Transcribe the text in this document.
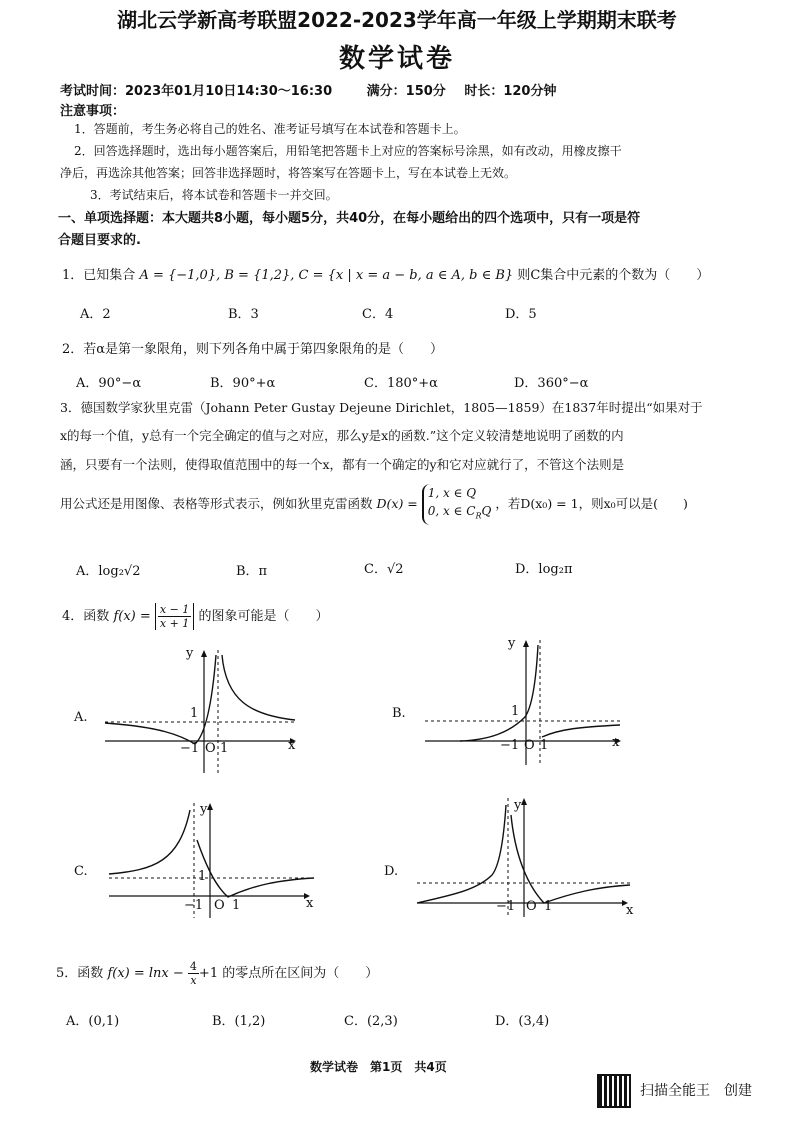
湖北云学新高考联盟2022-2023学年高一年级上学期期末联考
数学试卷
考试时间：2023年01月10日14:30～16:30	满分：150分 时长：120分钟
注意事项：
1．答题前，考生务必将自己的姓名、准考证号填写在本试卷和答题卡上。
2．回答选择题时，选出每小题答案后，用铅笔把答题卡上对应的答案标号涂黑，如有改动，用橡皮擦干
净后，再选涂其他答案；回答非选择题时，将答案写在答题卡上，写在本试卷上无效。
3．考试结束后，将本试卷和答题卡一并交回。
一、单项选择题：本大题共8小题，每小题5分，共40分，在每小题给出的四个选项中，只有一项是符
合题目要求的.
1．已知集合 A = {−1,0}, B = {1,2}, C = {x | x = a − b, a ∈ A, b ∈ B} 则C集合中元素的个数为（　　）
A．2	B．3	C．4	D．5
2．若α是第一象限角，则下列各角中属于第四象限角的是（　　）
A．90°−α	B．90°+α	C．180°+α	D．360°−α
3．德国数学家狄里克雷（Johann Peter Gustay Dejeune Dirichlet，1805—1859）在1837年时提出“如果对于
x的每一个值，y总有一个完全确定的值与之对应，那么y是x的函数.”这个定义较清楚地说明了函数的内
涵，只要有一个法则，使得取值范围中的每一个x，都有一个确定的y和它对应就行了，不管这个法则是
用公式还是用图像、表格等形式表示，例如狄里克雷函数 D(x) =
1, x ∈ Q
0, x ∈ $C_RQ$ ，若D(x₀) = 1，则x₀可以是(　　)
A．log₂√2	B．π	C．√2	D．log₂π
4．函数 $f(x) = \frac{x - 1}{x + 1}$ 的图象可能是（　　）
A.
y
x
1
−1 O 1
B.
y
x
1
−1 O 1
C.
y
x
1
−1 O 1
D.
y
x
−1 O 1
5．函数 $f(x) = \ln x - \frac{4}{x} +1$ 的零点所在区间为（　　）
A．(0,1)	B．(1,2)	C．(2,3)	D．(3,4)
数学试卷　第1页　共4页
扫描全能王　创建
